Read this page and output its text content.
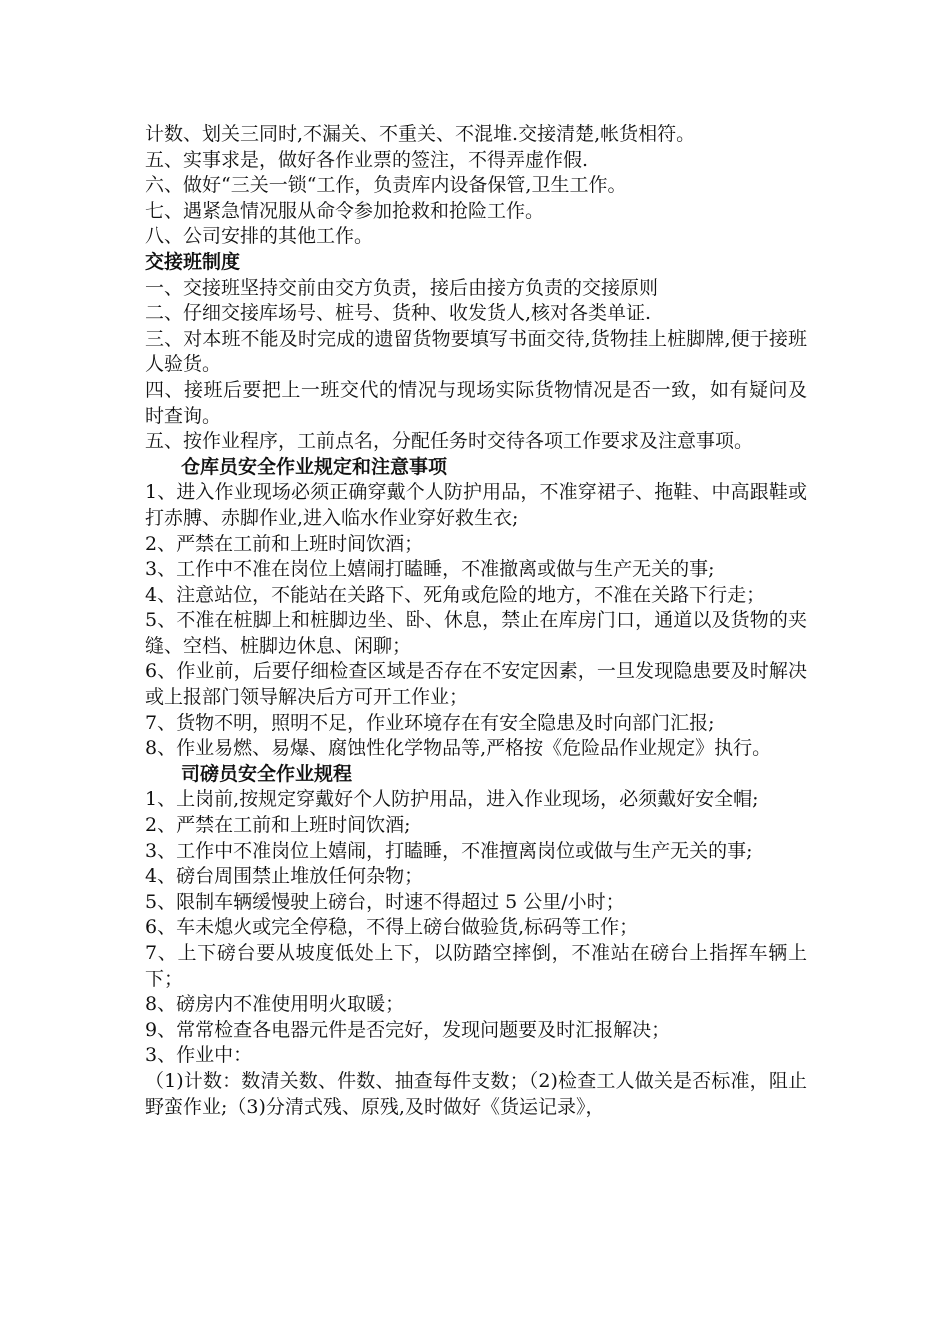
计数、划关三同时,不漏关、不重关、不混堆.交接清楚,帐货相符。

五、实事求是，做好各作业票的签注，不得弄虚作假.

六、做好“三关一锁“工作，负责库内设备保管,卫生工作。

七、遇紧急情况服从命令参加抢救和抢险工作。

八、公司安排的其他工作。

交接班制度

一、交接班坚持交前由交方负责，接后由接方负责的交接原则

二、仔细交接库场号、桩号、货种、收发货人,核对各类单证.

三、对本班不能及时完成的遗留货物要填写书面交待,货物挂上桩脚牌,便于接班人验货。

四、接班后要把上一班交代的情况与现场实际货物情况是否一致，如有疑问及时查询。

五、按作业程序，工前点名，分配任务时交待各项工作要求及注意事项。

仓库员安全作业规定和注意事项

1、进入作业现场必须正确穿戴个人防护用品，不准穿裙子、拖鞋、中高跟鞋或打赤膊、赤脚作业,进入临水作业穿好救生衣;

2、严禁在工前和上班时间饮酒；

3、工作中不准在岗位上嬉闹打瞌睡，不准撤离或做与生产无关的事;

4、注意站位，不能站在关路下、死角或危险的地方，不准在关路下行走；

5、不准在桩脚上和桩脚边坐、卧、休息，禁止在库房门口，通道以及货物的夹缝、空档、桩脚边休息、闲聊；

6、作业前，后要仔细检查区域是否存在不安定因素，一旦发现隐患要及时解决或上报部门领导解决后方可开工作业；

7、货物不明，照明不足，作业环境存在有安全隐患及时向部门汇报;

8、作业易燃、易爆、腐蚀性化学物品等,严格按《危险品作业规定》执行。

司磅员安全作业规程

1、上岗前,按规定穿戴好个人防护用品，进入作业现场，必须戴好安全帽;

2、严禁在工前和上班时间饮酒;

3、工作中不准岗位上嬉闹，打瞌睡，不准擅离岗位或做与生产无关的事;

4、磅台周围禁止堆放任何杂物；

5、限制车辆缓慢驶上磅台，时速不得超过 5 公里/小时；

6、车未熄火或完全停稳，不得上磅台做验货,标码等工作；

7、上下磅台要从坡度低处上下，以防踏空摔倒，不准站在磅台上指挥车辆上下；

8、磅房内不准使用明火取暖；

9、常常检查各电器元件是否完好，发现问题要及时汇报解决；

3、作业中：

（1)计数：数清关数、件数、抽查每件支数；（2)检查工人做关是否标准，阻止野蛮作业;（3)分清式残、原残,及时做好《货运记录》，
